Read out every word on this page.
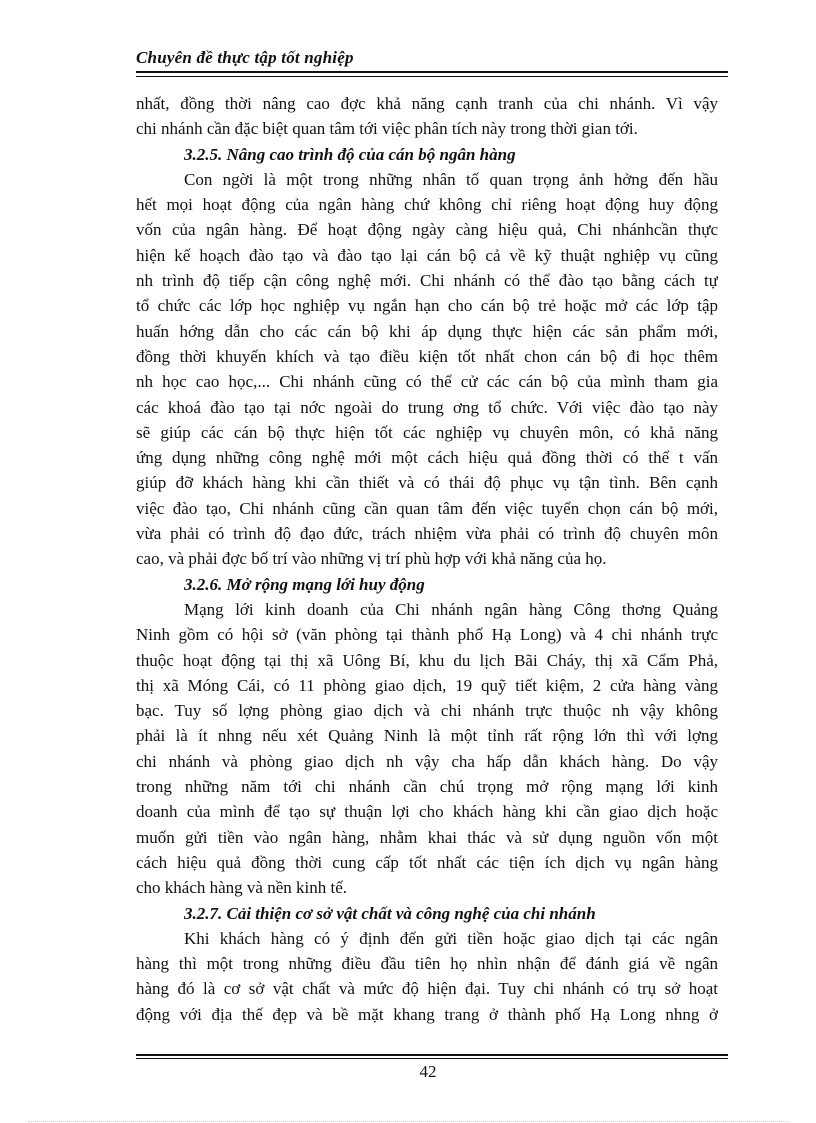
Chuyên đề thực tập tốt nghiệp
nhất, đồng thời nâng cao đợc khả năng cạnh tranh của chi nhánh. Vì vậy
chi nhánh cần đặc biệt quan tâm tới việc phân tích này trong thời gian tới.
3.2.5. Nâng cao trình độ của cán bộ ngân hàng
Con ngời là một trong những nhân tố quan trọng ảnh hởng đến hầu
hết mọi hoạt động của ngân hàng chứ không chỉ riêng hoạt động huy động
vốn của ngân hàng. Để hoạt động ngày càng hiệu quả, Chi nhánhcần thực
hiện kế hoạch đào tạo và đào tạo lại cán bộ cả về kỹ thuật nghiệp vụ cũng
nh trình độ tiếp cận công nghệ mới. Chi nhánh có thể đào tạo bằng cách tự
tổ chức các lớp học nghiệp vụ ngắn hạn cho cán bộ trẻ hoặc mở các lớp tập
huấn hớng dẫn cho các cán bộ khi áp dụng thực hiện các sản phẩm mới,
đồng thời khuyến khích và tạo điều kiện tốt nhất chon cán bộ đi học thêm
nh học cao học,... Chi nhánh cũng có thể cử các cán bộ của mình tham gia
các khoá đào tạo tại nớc ngoài do trung ơng tổ chức. Với việc đào tạo này
sẽ giúp các cán bộ thực hiện tốt các nghiệp vụ chuyên môn, có khả năng
ứng dụng những công nghệ mới một cách hiệu quả đồng thời có thể t vấn
giúp đỡ khách hàng khi cần thiết và có thái độ phục vụ tận tình. Bên cạnh
việc đào tạo, Chi nhánh cũng cần quan tâm đến việc tuyển chọn cán bộ mới,
vừa phải có trình độ đạo đức, trách nhiệm vừa phải có trình độ chuyên môn
cao, và phải đợc bố trí vào những vị trí phù hợp với khả năng của họ.
3.2.6. Mở rộng mạng lới huy động
Mạng lới kinh doanh của Chi nhánh ngân hàng Công thơng Quảng
Ninh gồm có hội sở (văn phòng tại thành phố Hạ Long) và 4 chi nhánh trực
thuộc hoạt động tại thị xã Uông Bí, khu du lịch Bãi Cháy, thị xã Cẩm Phả,
thị xã Móng Cái, có 11 phòng giao dịch, 19 quỹ tiết kiệm, 2 cửa hàng vàng
bạc. Tuy số lợng phòng giao dịch và chi nhánh trực thuộc nh vậy không
phải là ít nhng nếu xét Quảng Ninh là một tỉnh rất rộng lớn thì với lợng
chi nhánh và phòng giao dịch nh vậy cha hấp dẫn khách hàng. Do vậy
trong những năm tới chi nhánh cần chú trọng mở rộng mạng lới kinh
doanh của mình để tạo sự thuận lợi cho khách hàng khi cần giao dịch hoặc
muốn gửi tiền vào ngân hàng, nhằm khai thác và sử dụng nguồn vốn một
cách hiệu quả đồng thời cung cấp tốt nhất các tiện ích dịch vụ ngân hàng
cho khách hàng và nền kinh tế.
3.2.7. Cải thiện cơ sở vật chất và công nghệ của chi nhánh
Khi khách hàng có ý định đến gửi tiền hoặc giao dịch tại các ngân
hàng thì một trong những điều đầu tiên họ nhìn nhận để đánh giá về ngân
hàng đó là cơ sở vật chất và mức độ hiện đại. Tuy chi nhánh có trụ sở hoạt
động với địa thế đẹp và bề mặt khang trang ở thành phố Hạ Long nhng ở
42
